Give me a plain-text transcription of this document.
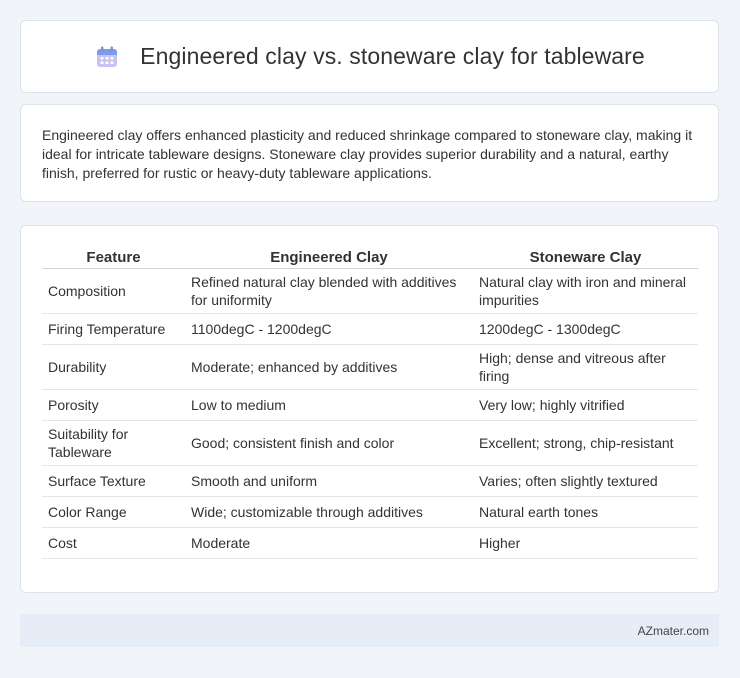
Engineered clay vs. stoneware clay for tableware

Engineered clay offers enhanced plasticity and reduced shrinkage compared to stoneware clay, making it ideal for intricate tableware designs. Stoneware clay provides superior durability and a natural, earthy finish, preferred for rustic or heavy-duty tableware applications.

Feature	Engineered Clay	Stoneware Clay
Composition	Refined natural clay blended with additives for uniformity	Natural clay with iron and mineral impurities
Firing Temperature	1100degC - 1200degC	1200degC - 1300degC
Durability	Moderate; enhanced by additives	High; dense and vitreous after firing
Porosity	Low to medium	Very low; highly vitrified
Suitability for Tableware	Good; consistent finish and color	Excellent; strong, chip-resistant
Surface Texture	Smooth and uniform	Varies; often slightly textured
Color Range	Wide; customizable through additives	Natural earth tones
Cost	Moderate	Higher
AZmater.com
